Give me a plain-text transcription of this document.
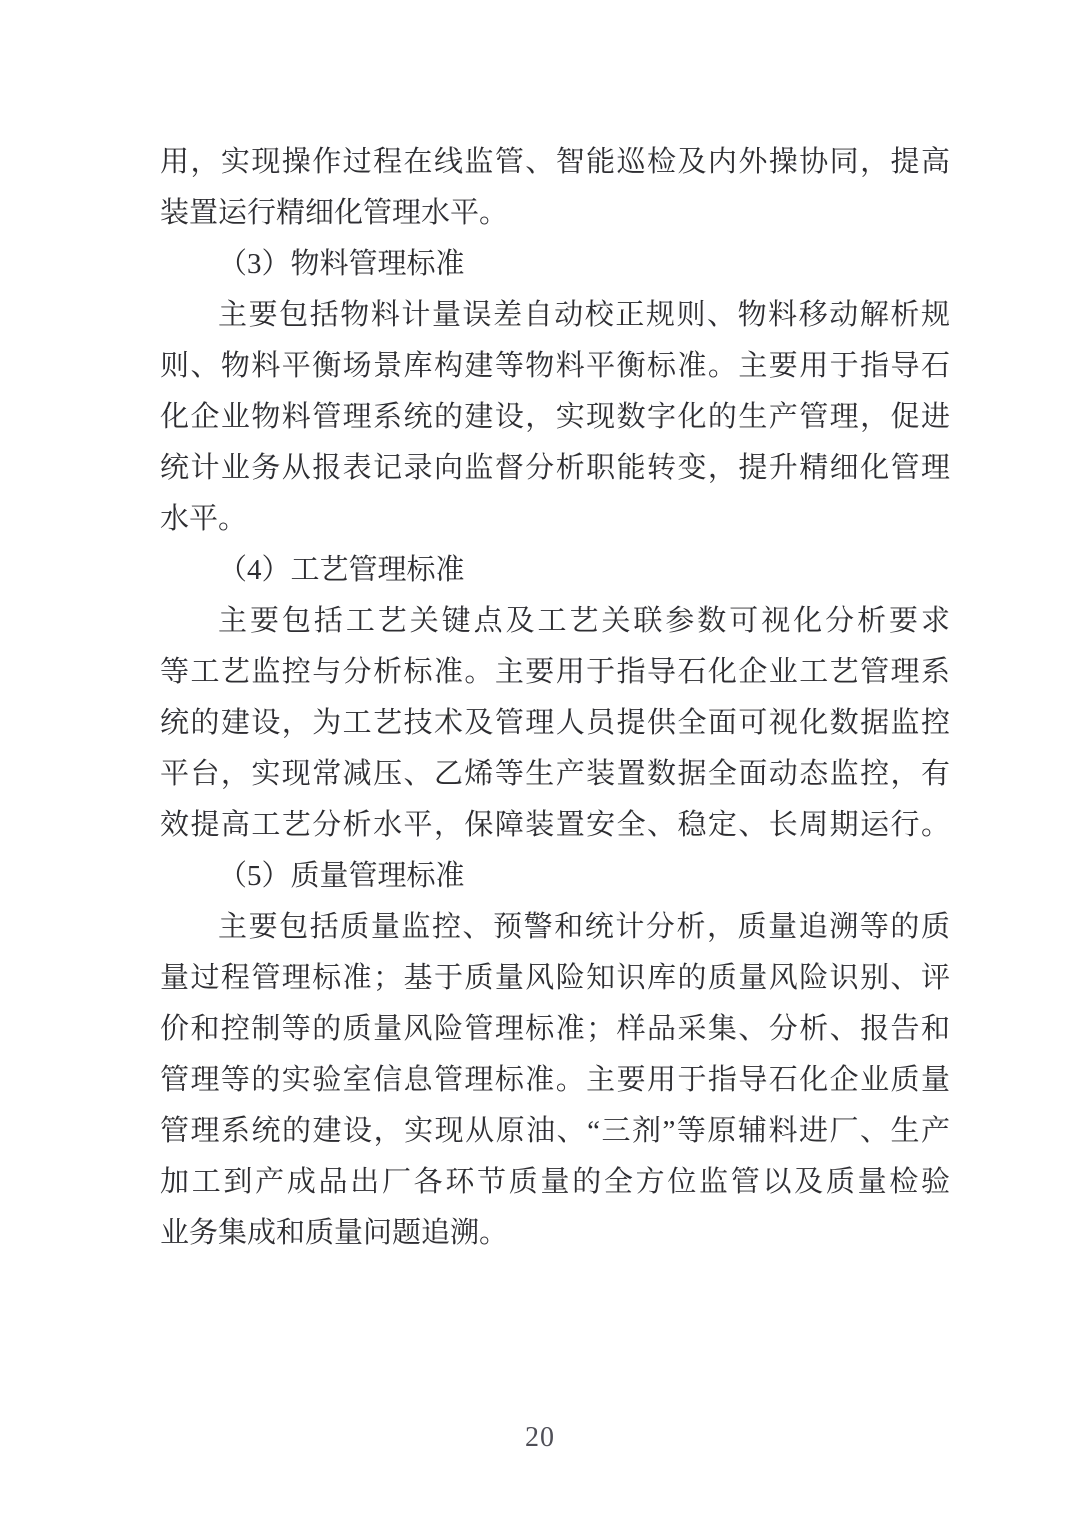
用，实现操作过程在线监管、智能巡检及内外操协同，提高
装置运行精细化管理水平。
（3）物料管理标准
主要包括物料计量误差自动校正规则、物料移动解析规
则、物料平衡场景库构建等物料平衡标准。主要用于指导石
化企业物料管理系统的建设，实现数字化的生产管理，促进
统计业务从报表记录向监督分析职能转变，提升精细化管理
水平。
（4）工艺管理标准
主要包括工艺关键点及工艺关联参数可视化分析要求
等工艺监控与分析标准。主要用于指导石化企业工艺管理系
统的建设，为工艺技术及管理人员提供全面可视化数据监控
平台，实现常减压、乙烯等生产装置数据全面动态监控，有
效提高工艺分析水平，保障装置安全、稳定、长周期运行。
（5）质量管理标准
主要包括质量监控、预警和统计分析，质量追溯等的质
量过程管理标准；基于质量风险知识库的质量风险识别、评
价和控制等的质量风险管理标准；样品采集、分析、报告和
管理等的实验室信息管理标准。主要用于指导石化企业质量
管理系统的建设，实现从原油、“三剂”等原辅料进厂、生产
加工到产成品出厂各环节质量的全方位监管以及质量检验
业务集成和质量问题追溯。
20
